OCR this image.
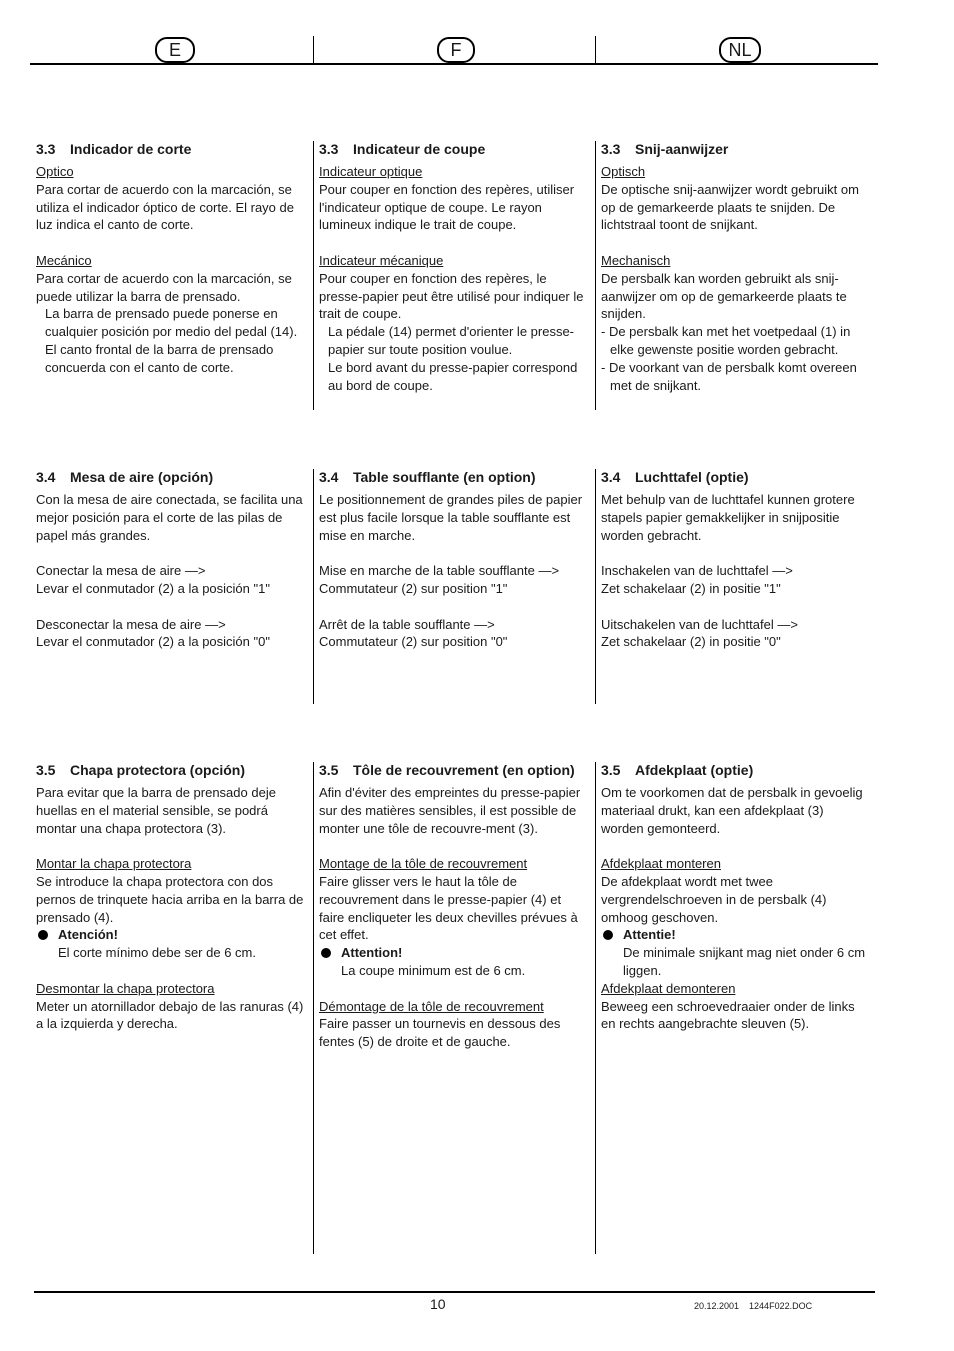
E	F	NL

3.3 Indicador de corte

Optico

Para cortar de acuerdo con la marcación, se utiliza el indicador óptico de corte. El rayo de luz indica el canto de corte.

Mecánico

Para cortar de acuerdo con la marcación, se puede utilizar la barra de prensado.

La barra de prensado puede ponerse en cualquier posición por medio del pedal (14).

El canto frontal de la barra de prensado concuerda con el canto de corte.

3.3 Indicateur de coupe

Indicateur optique

Pour couper en fonction des repères, utiliser l'indicateur optique de coupe. Le rayon lumineux indique le trait de coupe.

Indicateur mécanique

Pour couper en fonction des repères, le presse-papier peut être utilisé pour indiquer le trait de coupe.

La pédale (14) permet d'orienter le presse-papier sur toute position voulue.

Le bord avant du presse-papier correspond au bord de coupe.

3.3 Snij-aanwijzer

Optisch

De optische snij-aanwijzer wordt gebruikt om op de gemarkeerde plaats te snijden. De lichtstraal toont de snijkant.

Mechanisch

De persbalk kan worden gebruikt als snij-aanwijzer om op de gemarkeerde plaats te snijden.

- De persbalk kan met het voetpedaal (1) in elke gewenste positie worden gebracht.

- De voorkant van de persbalk komt overeen met de snijkant.

3.4 Mesa de aire (opción)

Con la mesa de aire conectada, se facilita una mejor posición para el corte de las pilas de papel más grandes.

Conectar la mesa de aire —>

Levar el conmutador (2) a la posición "1"

Desconectar la mesa de aire —>

Levar el conmutador (2) a la posición "0"

3.4 Table soufflante (en option)

Le positionnement de grandes piles de papier est plus facile lorsque la table soufflante est mise en marche.

Mise en marche de la table soufflante —>

Commutateur (2) sur position "1"

Arrêt de la table soufflante —>

Commutateur (2) sur position "0"

3.4 Luchttafel (optie)

Met behulp van de luchttafel kunnen grotere stapels papier gemakkelijker in snijpositie worden gebracht.

Inschakelen van de luchttafel —>

Zet schakelaar (2) in positie "1"

Uitschakelen van de luchttafel —>

Zet schakelaar (2) in positie "0"

3.5 Chapa protectora (opción)

Para evitar que la barra de prensado deje huellas en el material sensible, se podrá montar una chapa protectora (3).

Montar la chapa protectora

Se introduce la chapa protectora con dos pernos de trinquete hacia arriba en la barra de prensado (4).

Atención!

El corte mínimo debe ser de 6 cm.

Desmontar la chapa protectora

Meter un atornillador debajo de las ranuras (4) a la izquierda y derecha.

3.5 Tôle de recouvrement (en option)

Afin d'éviter des empreintes du presse-papier sur des matières sensibles, il est possible de monter une tôle de recouvre-ment (3).

Montage de la tôle de recouvrement

Faire glisser vers le haut la tôle de recouvrement dans le presse-papier (4) et faire encliqueter les deux chevilles prévues à cet effet.

Attention!

La coupe minimum est de 6 cm.

Démontage de la tôle de recouvrement

Faire passer un tournevis en dessous des fentes (5) de droite et de gauche.

3.5 Afdekplaat (optie)

Om te voorkomen dat de persbalk in gevoelig materiaal drukt, kan een afdekplaat (3) worden gemonteerd.

Afdekplaat monteren

De afdekplaat wordt met twee vergrendelschroeven in de persbalk (4) omhoog geschoven.

Attentie!

De minimale snijkant mag niet onder 6 cm liggen.

Afdekplaat demonteren

Beweeg een schroevedraaier onder de links en rechts aangebrachte sleuven (5).

10	20.12.2001    1244F022.DOC
